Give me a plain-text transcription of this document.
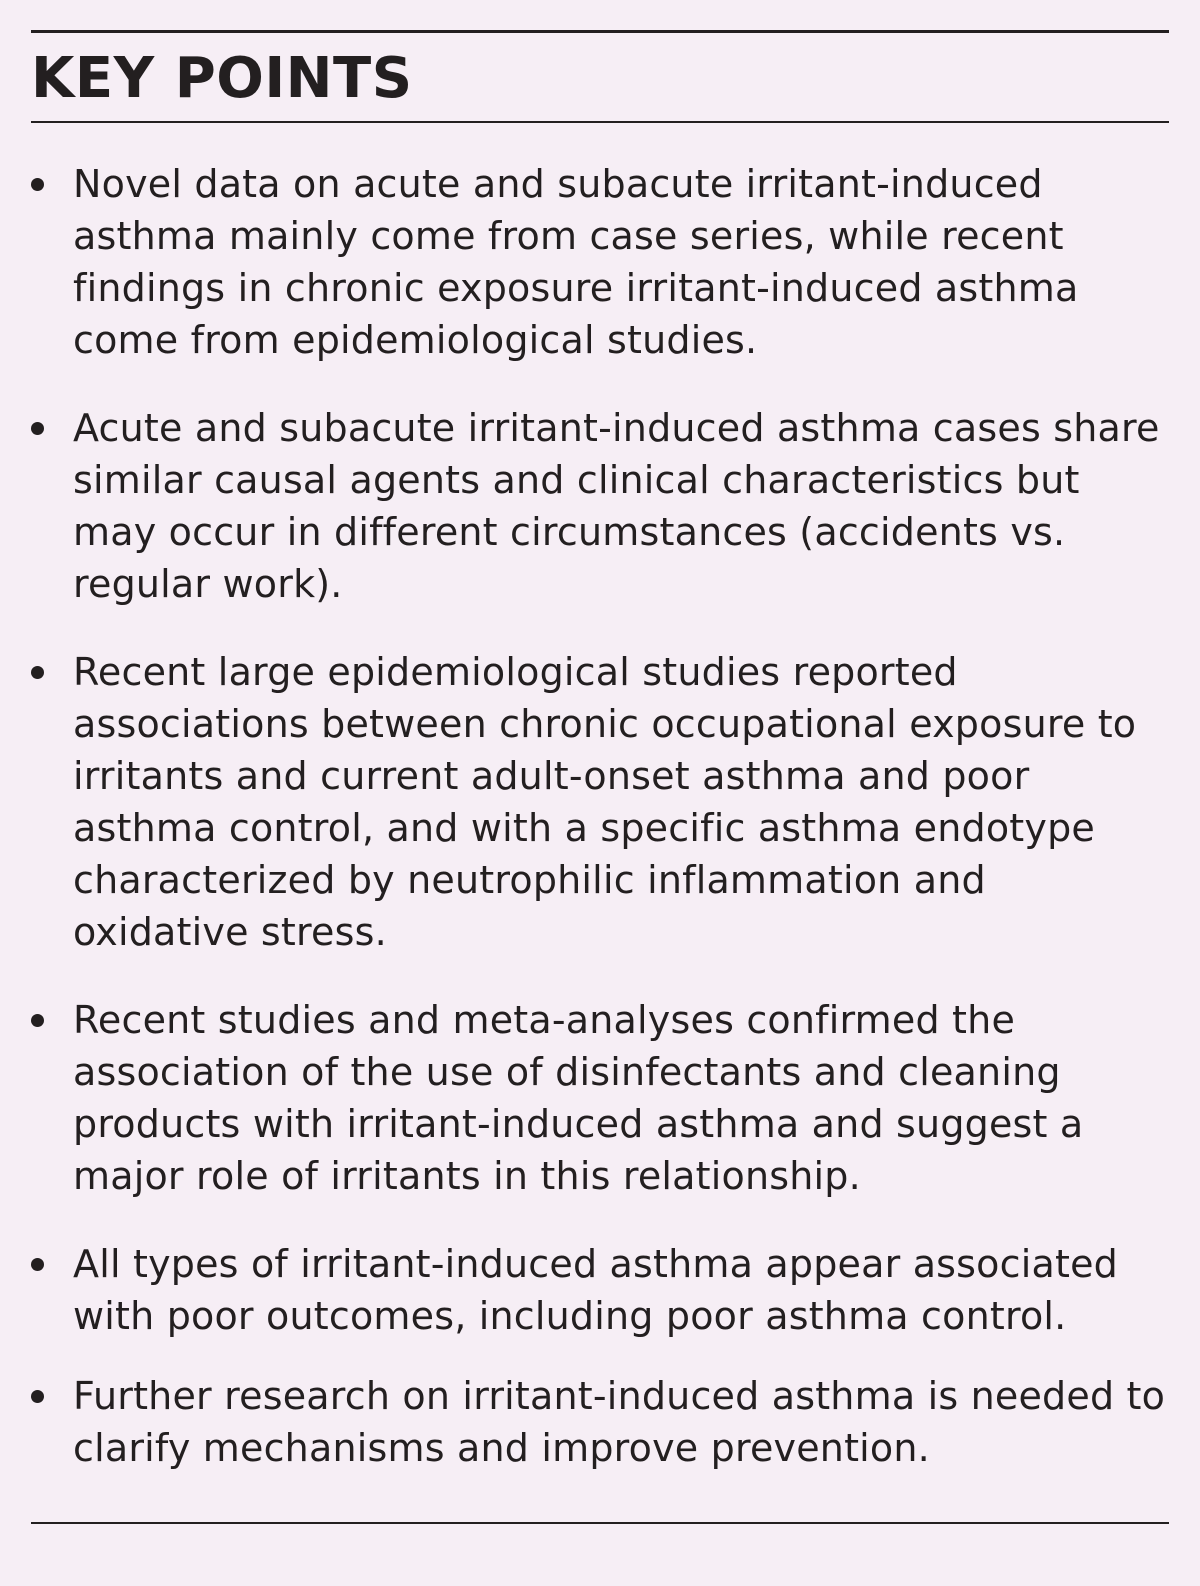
KEY POINTS
Novel data on acute and subacute irritant-induced
asthma mainly come from case series, while recent
findings in chronic exposure irritant-induced asthma
come from epidemiological studies.
Acute and subacute irritant-induced asthma cases share
similar causal agents and clinical characteristics but
may occur in different circumstances (accidents vs.
regular work).
Recent large epidemiological studies reported
associations between chronic occupational exposure to
irritants and current adult-onset asthma and poor
asthma control, and with a specific asthma endotype
characterized by neutrophilic inflammation and
oxidative stress.
Recent studies and meta-analyses confirmed the
association of the use of disinfectants and cleaning
products with irritant-induced asthma and suggest a
major role of irritants in this relationship.
All types of irritant-induced asthma appear associated
with poor outcomes, including poor asthma control.
Further research on irritant-induced asthma is needed to
clarify mechanisms and improve prevention.
